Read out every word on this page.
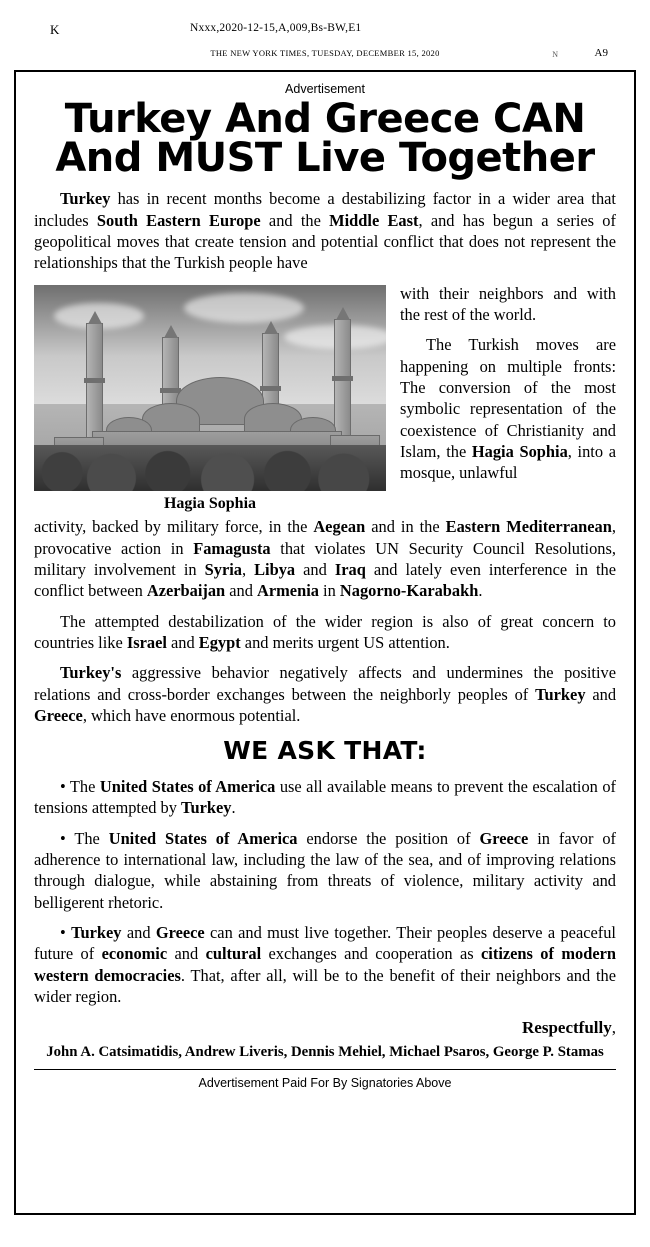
K	Nxxx,2020-12-15,A,009,Bs-BW,E1
THE NEW YORK TIMES, TUESDAY, DECEMBER 15, 2020	N	A9
Advertisement
Turkey And Greece CAN
And MUST Live Together

Turkey has in recent months become a destabilizing factor in a wider area that includes South Eastern Europe and the Middle East, and has begun a series of geopolitical moves that create tension and potential conflict that does not represent the relationships that the Turkish people have

Hagia Sophia

with their neighbors and with the rest of the world.

The Turkish moves are happening on multiple fronts: The conversion of the most symbolic representation of the coexistence of Christianity and Islam, the Hagia Sophia, into a mosque, unlawful

activity, backed by military force, in the Aegean and in the Eastern Mediterranean, provocative action in Famagusta that violates UN Security Council Resolutions, military involvement in Syria, Libya and Iraq and lately even interference in the conflict between Azerbaijan and Armenia in Nagorno-Karabakh.

The attempted destabilization of the wider region is also of great concern to countries like Israel and Egypt and merits urgent US attention.

Turkey's aggressive behavior negatively affects and undermines the positive relations and cross-border exchanges between the neighborly peoples of Turkey and Greece, which have enormous potential.

WE ASK THAT:

• The United States of America use all available means to prevent the escalation of tensions attempted by Turkey.

• The United States of America endorse the position of Greece in favor of adherence to international law, including the law of the sea, and of improving relations through dialogue, while abstaining from threats of violence, military activity and belligerent rhetoric.

• Turkey and Greece can and must live together. Their peoples deserve a peaceful future of economic and cultural exchanges and cooperation as citizens of modern western democracies. That, after all, will be to the benefit of their neighbors and the wider region.

Respectfully,
John A. Catsimatidis, Andrew Liveris, Dennis Mehiel, Michael Psaros, George P. Stamas
Advertisement Paid For By Signatories Above
